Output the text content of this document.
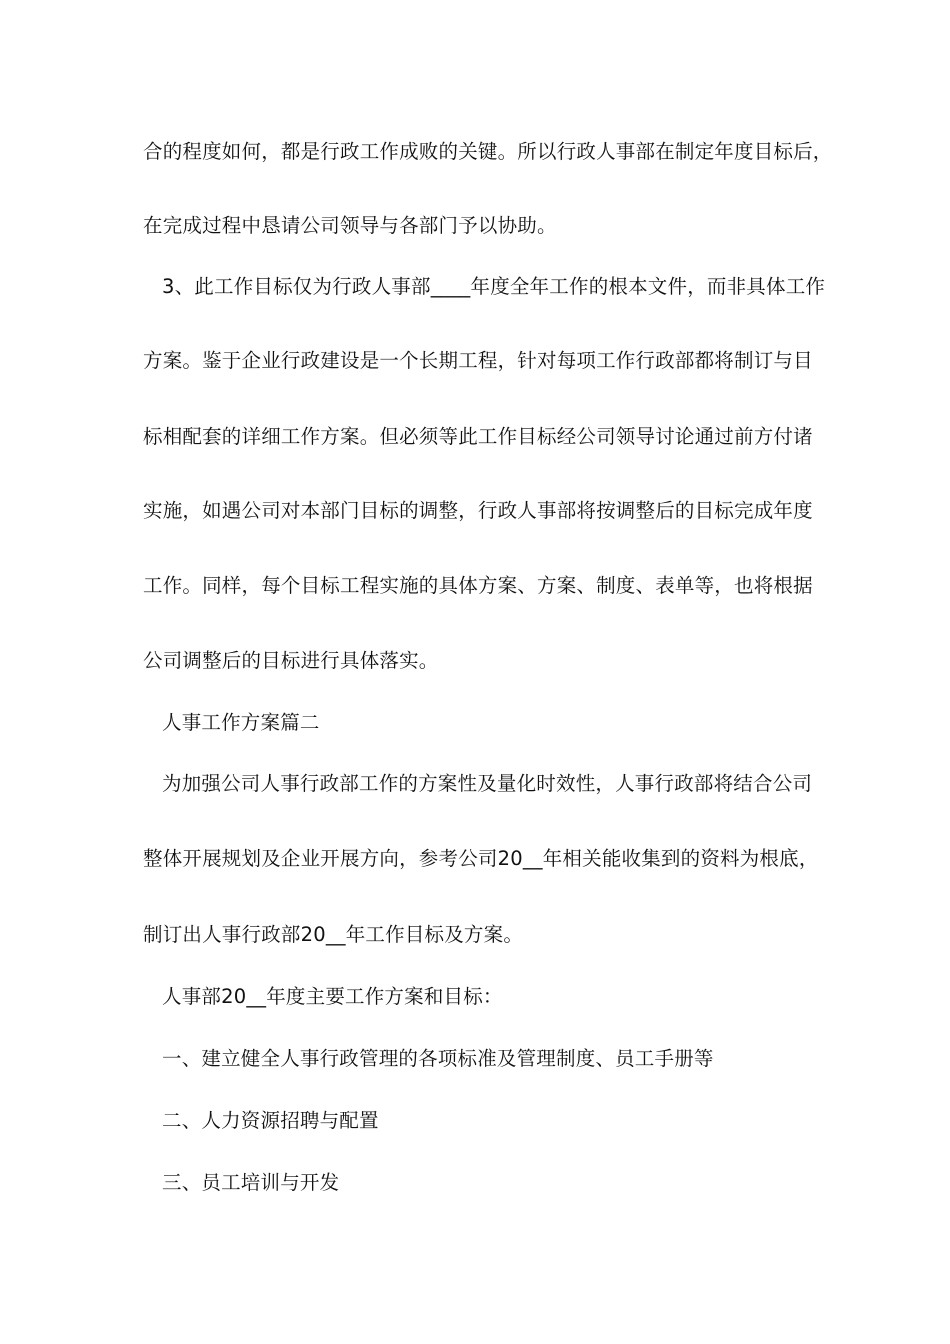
合的程度如何，都是行政工作成败的关键。所以行政人事部在制定年度目标后，
在完成过程中恳请公司领导与各部门予以协助。
3、此工作目标仅为行政人事部____年度全年工作的根本文件，而非具体工作
方案。鉴于企业行政建设是一个长期工程，针对每项工作行政部都将制订与目
标相配套的详细工作方案。但必须等此工作目标经公司领导讨论通过前方付诸
实施，如遇公司对本部门目标的调整，行政人事部将按调整后的目标完成年度
工作。同样，每个目标工程实施的具体方案、方案、制度、表单等，也将根据
公司调整后的目标进行具体落实。
人事工作方案篇二
为加强公司人事行政部工作的方案性及量化时效性，人事行政部将结合公司
整体开展规划及企业开展方向，参考公司20__年相关能收集到的资料为根底，
制订出人事行政部20__年工作目标及方案。
人事部20__年度主要工作方案和目标：
一、建立健全人事行政管理的各项标准及管理制度、员工手册等
二、人力资源招聘与配置
三、员工培训与开发
